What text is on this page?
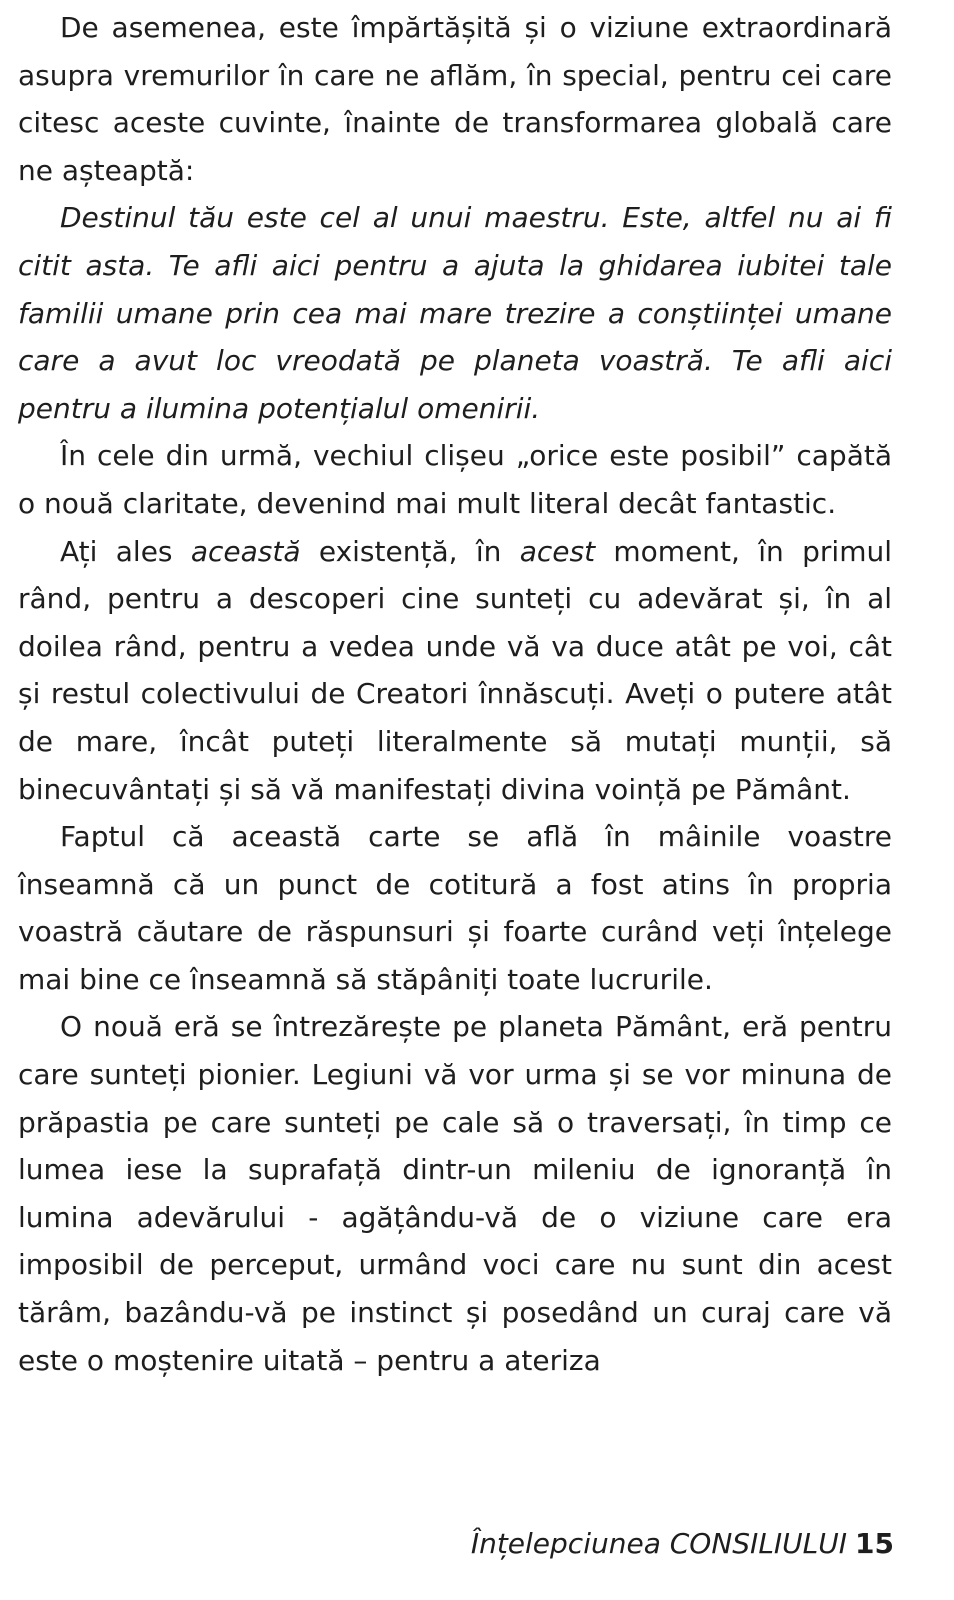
De asemenea, este împărtășită și o viziune extraordinară asupra vremurilor în care ne aflăm, în special, pentru cei care citesc aceste cuvinte, înainte de transformarea globală care ne așteaptă:

Destinul tău este cel al unui maestru. Este, altfel nu ai fi citit asta. Te afli aici pentru a ajuta la ghidarea iubitei tale familii umane prin cea mai mare trezire a conștiinței umane care a avut loc vreodată pe planeta voastră. Te afli aici pentru a ilumina potențialul omenirii.

În cele din urmă, vechiul clișeu „orice este posibil” capătă o nouă claritate, devenind mai mult literal decât fantastic.

Ați ales această existență, în acest moment, în primul rând, pentru a descoperi cine sunteți cu adevărat și, în al doilea rând, pentru a vedea unde vă va duce atât pe voi, cât și restul colectivului de Creatori înnăscuți. Aveți o putere atât de mare, încât puteți literalmente să mutați munții, să binecuvântați și să vă manifestați divina voință pe Pământ.

Faptul că această carte se află în mâinile voastre înseamnă că un punct de cotitură a fost atins în propria voastră căutare de răspunsuri și foarte curând veți înțelege mai bine ce înseamnă să stăpâniți toate lucrurile.

O nouă eră se întrezărește pe planeta Pământ, eră pentru care sunteți pionier. Legiuni vă vor urma și se vor minuna de prăpastia pe care sunteți pe cale să o traversați, în timp ce lumea iese la suprafață dintr-un mileniu de ignoranță în lumina adevărului - agățându-vă de o viziune care era imposibil de perceput, urmând voci care nu sunt din acest tărâm, bazându-vă pe instinct și posedând un curaj care vă este o moștenire uitată – pentru a ateriza

Înțelepciunea CONSILIULUI 15
